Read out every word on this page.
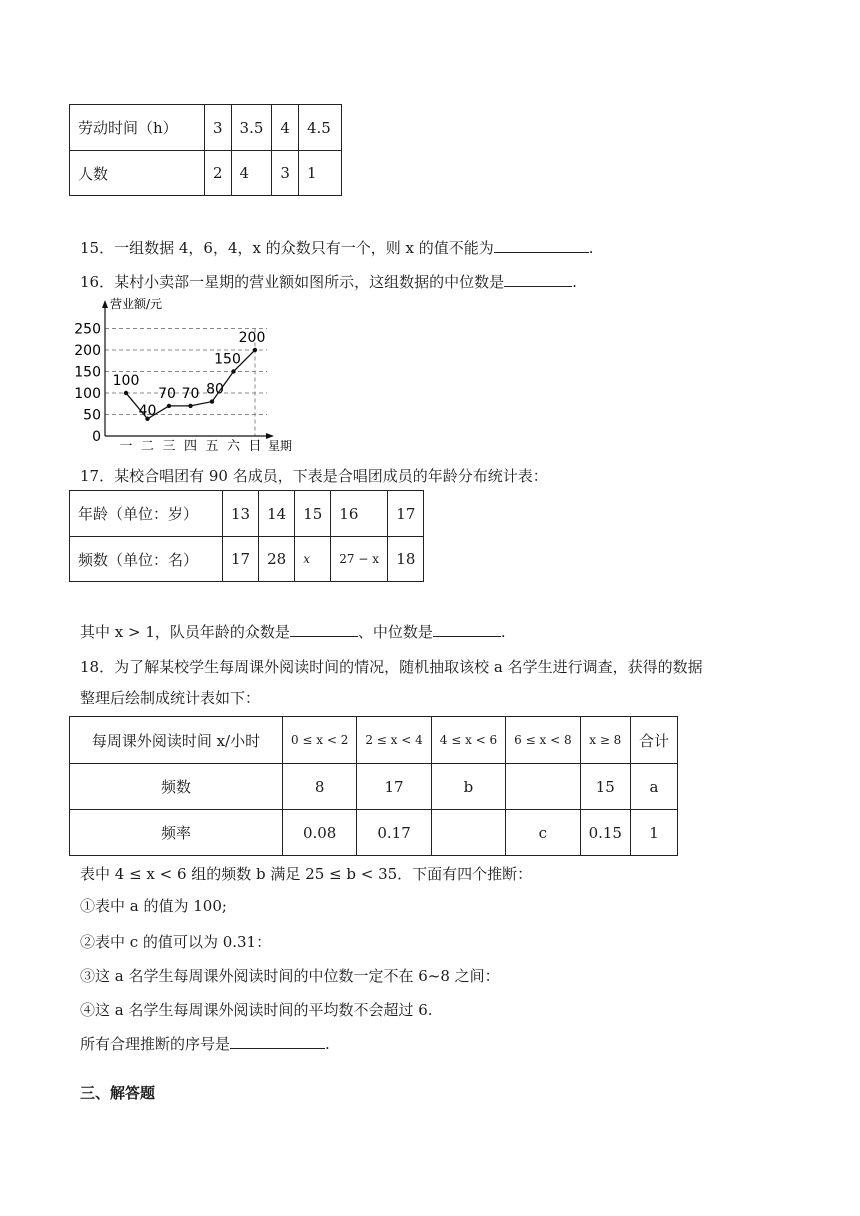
劳动时间（h）	3	3.5	4	4.5
人数	2	4	3	1
15．一组数据 4，6，4，x 的众数只有一个，则 x 的值不能为	.
16．某村小卖部一星期的营业额如图所示，这组数据的中位数是	.
营业额/元
星期
0
50
100
150
200
250
一 二 三 四 五 六 日
100
40
70 70 80
150
200
17．某校合唱团有 90 名成员，下表是合唱团成员的年龄分布统计表：
年龄（单位：岁）	13	14	15	16	17
频数（单位：名）	17	28	x	27 − x	18
其中 x > 1，队员年龄的众数是	、中位数是	.
18．为了解某校学生每周课外阅读时间的情况，随机抽取该校 a 名学生进行调查，获得的数据
整理后绘制成统计表如下：
每周课外阅读时间 x/小时	0 ≤ x < 2	2 ≤ x < 4	4 ≤ x < 6	6 ≤ x < 8	x ≥ 8	合计
频数	8	17	b		15	a
频率	0.08	0.17		c	0.15	1
表中 4 ≤ x < 6 组的频数 b 满足 25 ≤ b < 35．下面有四个推断：
①表中 a 的值为 100;
②表中 c 的值可以为 0.31：
③这 a 名学生每周课外阅读时间的中位数一定不在 6~8 之间：
④这 a 名学生每周课外阅读时间的平均数不会超过 6.
所有合理推断的序号是	.
三、解答题
